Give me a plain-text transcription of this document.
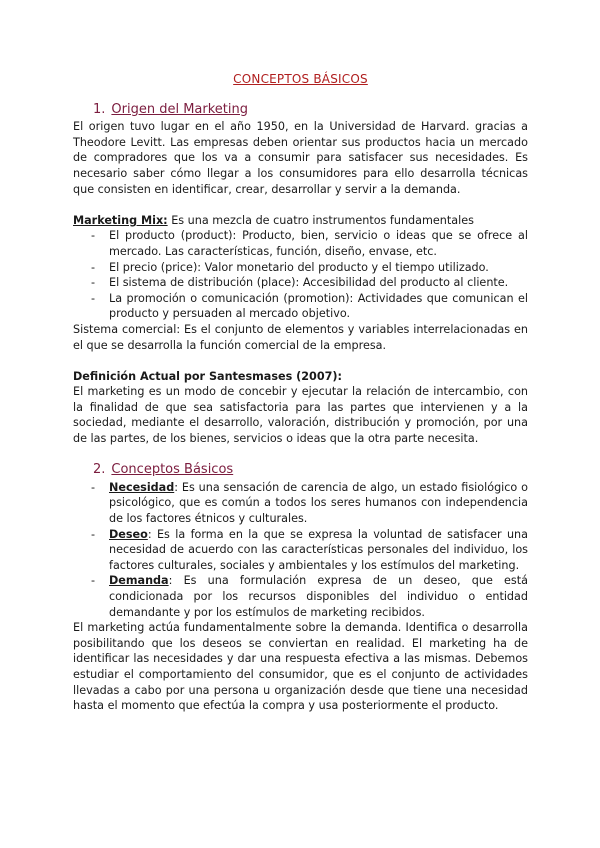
CONCEPTOS BÁSICOS
1. Origen del Marketing

El origen tuvo lugar en el año 1950, en la Universidad de Harvard. gracias a Theodore Levitt. Las empresas deben orientar sus productos hacia un mercado de compradores que los va a consumir para satisfacer sus necesidades. Es necesario saber cómo llegar a los consumidores para ello desarrolla técnicas que consisten en identificar, crear, desarrollar y servir a la demanda.

Marketing Mix: Es una mezcla de cuatro instrumentos fundamentales

-	El producto (product): Producto, bien, servicio o ideas que se ofrece al mercado. Las características, función, diseño, envase, etc.
-	El precio (price): Valor monetario del producto y el tiempo utilizado.
-	El sistema de distribución (place): Accesibilidad del producto al cliente.
-	La promoción o comunicación (promotion): Actividades que comunican el producto y persuaden al mercado objetivo.

Sistema comercial: Es el conjunto de elementos y variables interrelacionadas en el que se desarrolla la función comercial de la empresa.

Definición Actual por Santesmases (2007):

El marketing es un modo de concebir y ejecutar la relación de intercambio, con la finalidad de que sea satisfactoria para las partes que intervienen y a la sociedad, mediante el desarrollo, valoración, distribución y promoción, por una de las partes, de los bienes, servicios o ideas que la otra parte necesita.

2. Conceptos Básicos
-	Necesidad: Es una sensación de carencia de algo, un estado fisiológico o psicológico, que es común a todos los seres humanos con independencia de los factores étnicos y culturales.
-	Deseo: Es la forma en la que se expresa la voluntad de satisfacer una necesidad de acuerdo con las características personales del individuo, los factores culturales, sociales y ambientales y los estímulos del marketing.
-	Demanda: Es una formulación expresa de un deseo, que está condicionada por los recursos disponibles del individuo o entidad demandante y por los estímulos de marketing recibidos.

El marketing actúa fundamentalmente sobre la demanda. Identifica o desarrolla posibilitando que los deseos se conviertan en realidad. El marketing ha de identificar las necesidades y dar una respuesta efectiva a las mismas. Debemos estudiar el comportamiento del consumidor, que es el conjunto de actividades llevadas a cabo por una persona u organización desde que tiene una necesidad hasta el momento que efectúa la compra y usa posteriormente el producto.
